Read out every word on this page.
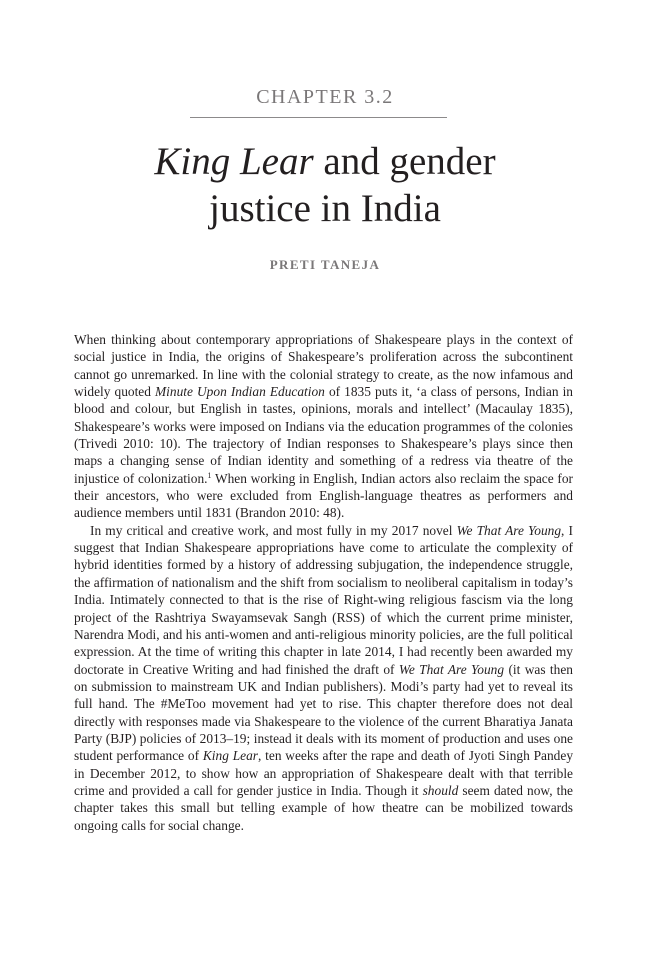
CHAPTER 3.2
King Lear and gender
justice in India
PRETI TANEJA

When thinking about contemporary appropriations of Shakespeare plays in the context of social justice in India, the origins of Shakespeare’s proliferation across the subcontinent cannot go unremarked. In line with the colonial strategy to create, as the now infamous and widely quoted Minute Upon Indian Education of 1835 puts it, ‘a class of persons, Indian in blood and colour, but English in tastes, opinions, morals and intellect’ (Macaulay 1835), Shakespeare’s works were imposed on Indians via the education programmes of the colonies (Trivedi 2010: 10). The trajectory of Indian responses to Shakespeare’s plays since then maps a changing sense of Indian identity and something of a redress via theatre of the injustice of colonization.$^1$ When working in English, Indian actors also reclaim the space for their ancestors, who were excluded from English-language theatres as performers and audience members until 1831 (Brandon 2010: 48).

In my critical and creative work, and most fully in my 2017 novel We That Are Young, I suggest that Indian Shakespeare appropriations have come to articulate the complexity of hybrid identities formed by a history of addressing subjugation, the independence struggle, the affirmation of nationalism and the shift from socialism to neoliberal capitalism in today’s India. Intimately connected to that is the rise of Right-wing religious fascism via the long project of the Rashtriya Swayamsevak Sangh (RSS) of which the current prime minister, Narendra Modi, and his anti-women and anti-religious minority policies, are the full political expression. At the time of writing this chapter in late 2014, I had recently been awarded my doctorate in Creative Writing and had finished the draft of We That Are Young (it was then on submission to mainstream UK and Indian publishers). Modi’s party had yet to reveal its full hand. The #MeToo movement had yet to rise. This chapter therefore does not deal directly with responses made via Shakespeare to the violence of the current Bharatiya Janata Party (BJP) policies of 2013–19; instead it deals with its moment of production and uses one student performance of King Lear, ten weeks after the rape and death of Jyoti Singh Pandey in December 2012, to show how an appropriation of Shakespeare dealt with that terrible crime and provided a call for gender justice in India. Though it should seem dated now, the chapter takes this small but telling example of how theatre can be mobilized towards ongoing calls for social change.
